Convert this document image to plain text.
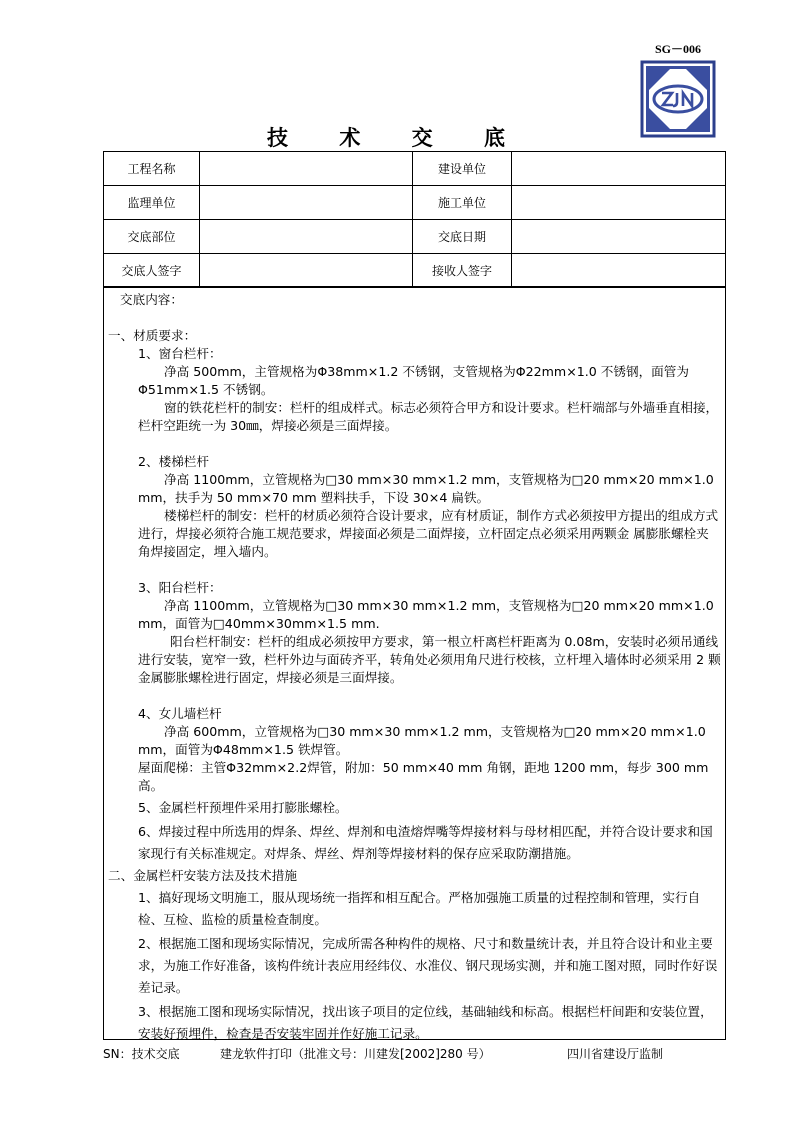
SG－006
技 术 交 底
工程名称		建设单位	
监理单位		施工单位	
交底部位		交底日期	
交底人签字		接收人签字	

交底内容：

一、材质要求：

1、窗台栏杆：

净高 500mm，主管规格为Φ38mm×1.2 不锈钢，支管规格为Φ22mm×1.0 不锈钢，面管为Φ51mm×1.5 不锈钢。

窗的铁花栏杆的制安：栏杆的组成样式。标志必须符合甲方和设计要求。栏杆端部与外墙垂直相接，栏杆空距统一为 30㎜，焊接必须是三面焊接。

2、楼梯栏杆

净高 1100mm，立管规格为□30 mm×30 mm×1.2 mm，支管规格为□20 mm×20 mm×1.0 mm，扶手为 50 mm×70 mm 塑料扶手，下设 30×4 扁铁。

楼梯栏杆的制安：栏杆的材质必须符合设计要求，应有材质证，制作方式必须按甲方提出的组成方式进行，焊接必须符合施工规范要求，焊接面必须是二面焊接，立杆固定点必须采用两颗金 属膨胀螺栓夹角焊接固定，埋入墙内。

3、阳台栏杆：

净高 1100mm，立管规格为□30 mm×30 mm×1.2 mm，支管规格为□20 mm×20 mm×1.0 mm，面管为□40mm×30mm×1.5 mm.

阳台栏杆制安：栏杆的组成必须按甲方要求，第一根立杆离栏杆距离为 0.08m，安装时必须吊通线进行安装，宽窄一致，栏杆外边与面砖齐平，转角处必须用角尺进行校核，立杆埋入墙体时必须采用 2 颗金属膨胀螺栓进行固定，焊接必须是三面焊接。

4、女儿墙栏杆

净高 600mm，立管规格为□30 mm×30 mm×1.2 mm，支管规格为□20 mm×20 mm×1.0 mm，面管为Φ48mm×1.5 铁焊管。

屋面爬梯：主管Φ32mm×2.2焊管，附加：50 mm×40 mm 角钢，距地 1200 mm，每步 300 mm 高。

5、金属栏杆预埋件采用打膨胀螺栓。

6、焊接过程中所选用的焊条、焊丝、焊剂和电渣熔焊嘴等焊接材料与母材相匹配，并符合设计要求和国家现行有关标准规定。对焊条、焊丝、焊剂等焊接材料的保存应采取防潮措施。

二、金属栏杆安装方法及技术措施

1、搞好现场文明施工，服从现场统一指挥和相互配合。严格加强施工质量的过程控制和管理，实行自检、互检、监检的质量检查制度。

2、根据施工图和现场实际情况，完成所需各种构件的规格、尺寸和数量统计表，并且符合设计和业主要求，为施工作好准备，该构件统计表应用经纬仪、水准仪、钢尺现场实测，并和施工图对照，同时作好误差记录。

3、根据施工图和现场实际情况，找出该子项目的定位线，基础轴线和标高。根据栏杆间距和安装位置，安装好预埋件，检查是否安装牢固并作好施工记录。

SN：技术交底	建龙软件打印（批准文号：川建发[2002]280 号）	四川省建设厅监制
